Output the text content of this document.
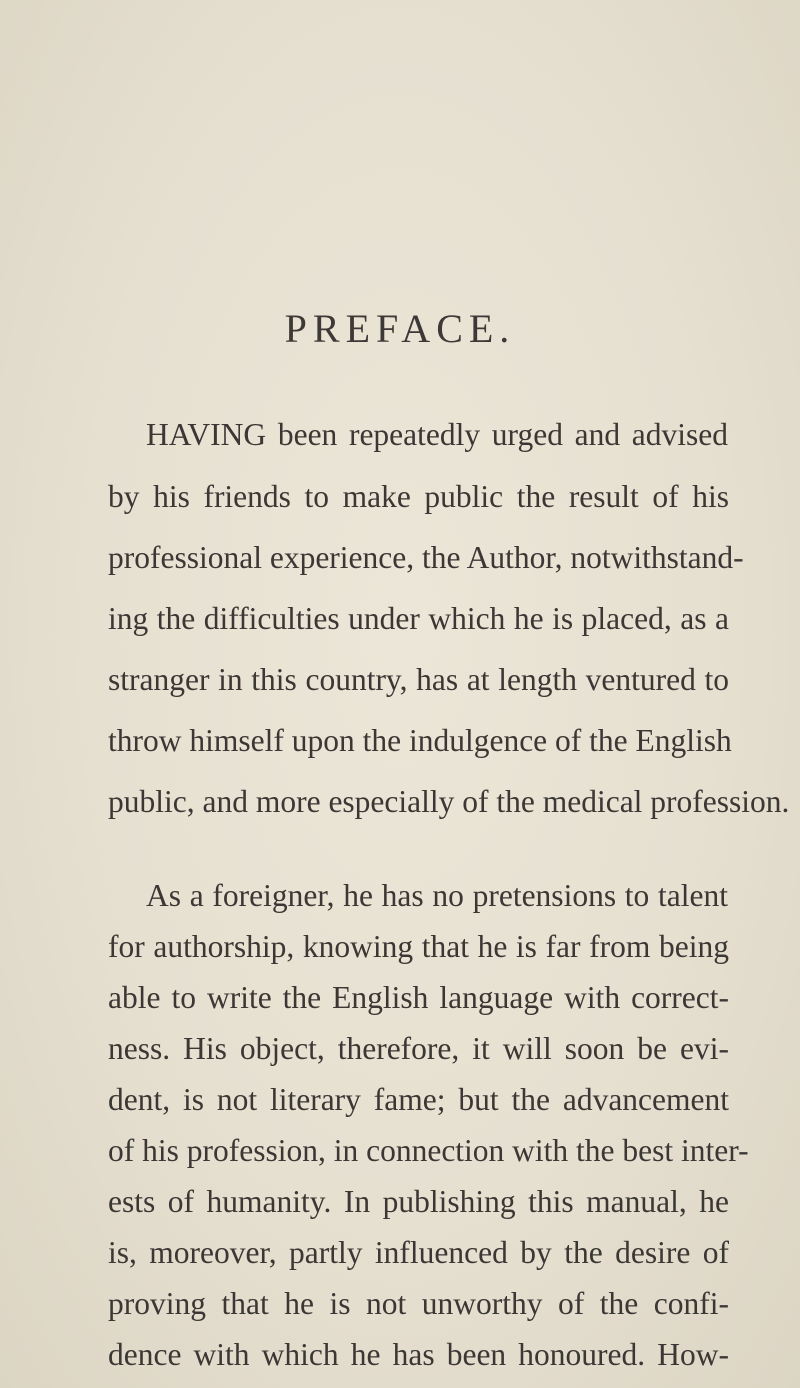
PREFACE.
HAVING been repeatedly urged and advised
by his friends to make public the result of his
professional experience, the Author, notwithstand-
ing the difficulties under which he is placed, as a
stranger in this country, has at length ventured to
throw himself upon the indulgence of the English
public, and more especially of the medical profession.
As a foreigner, he has no pretensions to talent
for authorship, knowing that he is far from being
able to write the English language with correct-
ness. His object, therefore, it will soon be evi-
dent, is not literary fame; but the advancement
of his profession, in connection with the best inter-
ests of humanity. In publishing this manual, he
is, moreover, partly influenced by the desire of
proving that he is not unworthy of the confi-
dence with which he has been honoured. How-
